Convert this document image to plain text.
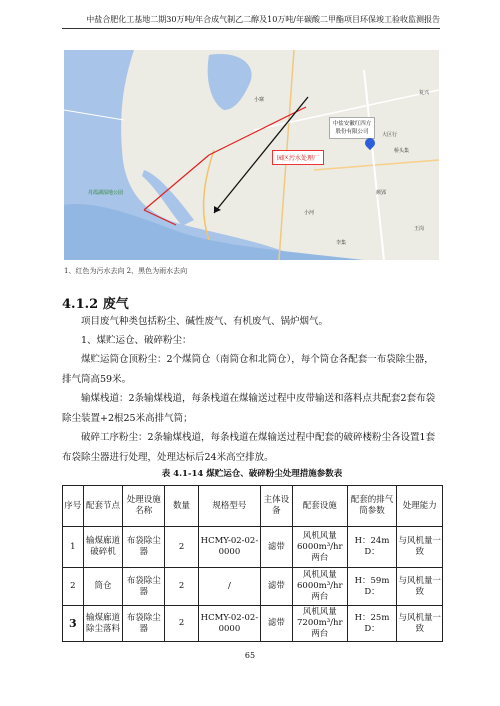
中盐合肥化工基地二期30万吨/年合成气制乙二醇及10万吨/年碳酸二甲酯项目环保竣工验收监测报告
中盐安徽红四方股份有限公司
园区污水处理厂
丹霞湖湿地公园
小寨
大区行
桥头集
颜郢
复兴
李集
王岗
小河
1、红色为污水去向 2、黑色为雨水去向
4.1.2 废气
项目废气种类包括粉尘、碱性废气、有机废气、锅炉烟气。
1、煤贮运仓、破碎粉尘：
煤贮运筒仓顶粉尘：2个煤筒仓（南筒仓和北筒仓），每个筒仓各配套一布袋除尘器，排气筒高59米。
输煤栈道：2条输煤栈道，每条栈道在煤输送过程中皮带输送和落料点共配套2套布袋除尘装置+2根25米高排气筒；
破碎工序粉尘：2条输煤栈道，每条栈道在煤输送过程中配套的破碎楼粉尘各设置1套布袋除尘器进行处理，处理达标后24米高空排放。
表 4.1-14 煤贮运仓、破碎粉尘处理措施参数表
序号	配套节点	处理设施名称	数量	规格型号	主体设备	配套设施	配套的排气筒参数	处理能力
1	输煤廊道破碎机	布袋除尘器	2	HCMY-02-02-0000	滤带	风机风量6000m³/hr 两台	H：24m D：	与风机量一致
2	筒仓	布袋除尘器	2	/	滤带	风机风量6000m³/hr 两台	H：59m D：	与风机量一致
3	输煤廊道除尘落料	布袋除尘器	2	HCMY-02-02-0000	滤带	风机风量7200m³/hr 两台	H：25m D：	与风机量一致
65
